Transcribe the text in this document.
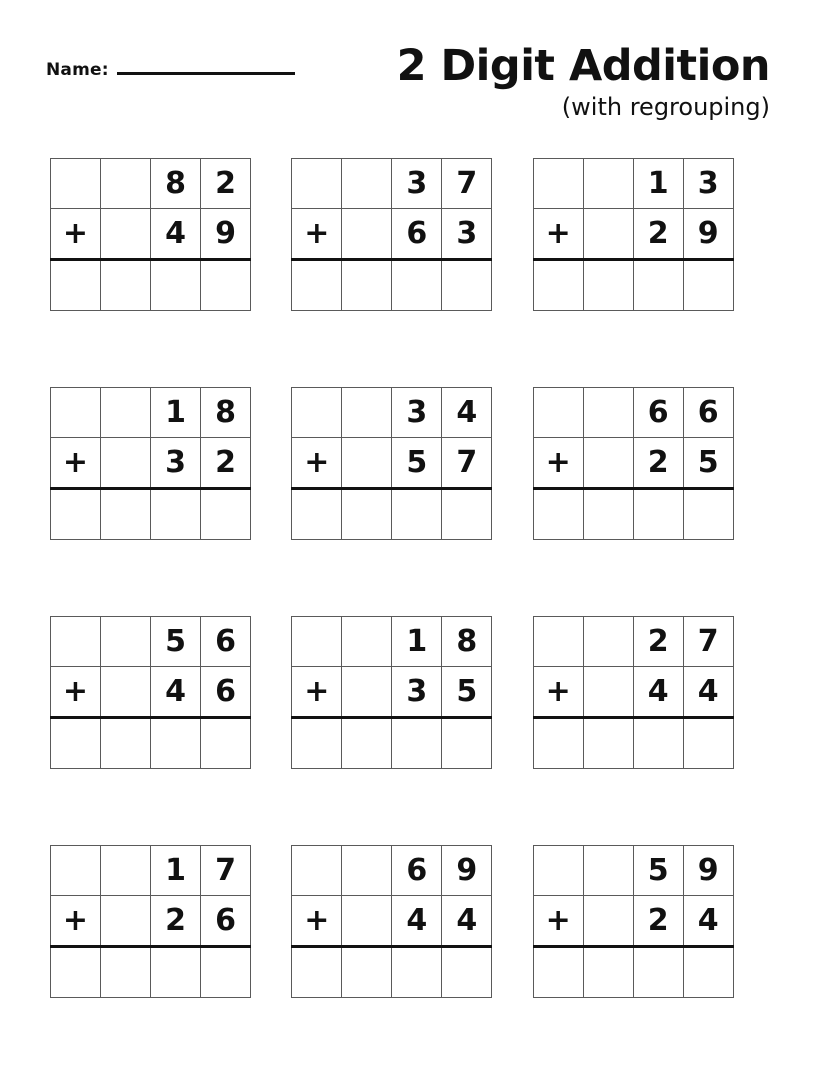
Name:	2 Digit Addition
(with regrouping)
		8	2
+		4	9

		3	7
+		6	3

		1	3
+		2	9

		1	8
+		3	2

		3	4
+		5	7

		6	6
+		2	5

		5	6
+		4	6

		1	8
+		3	5

		2	7
+		4	4

		1	7
+		2	6

		6	9
+		4	4

		5	9
+		2	4
